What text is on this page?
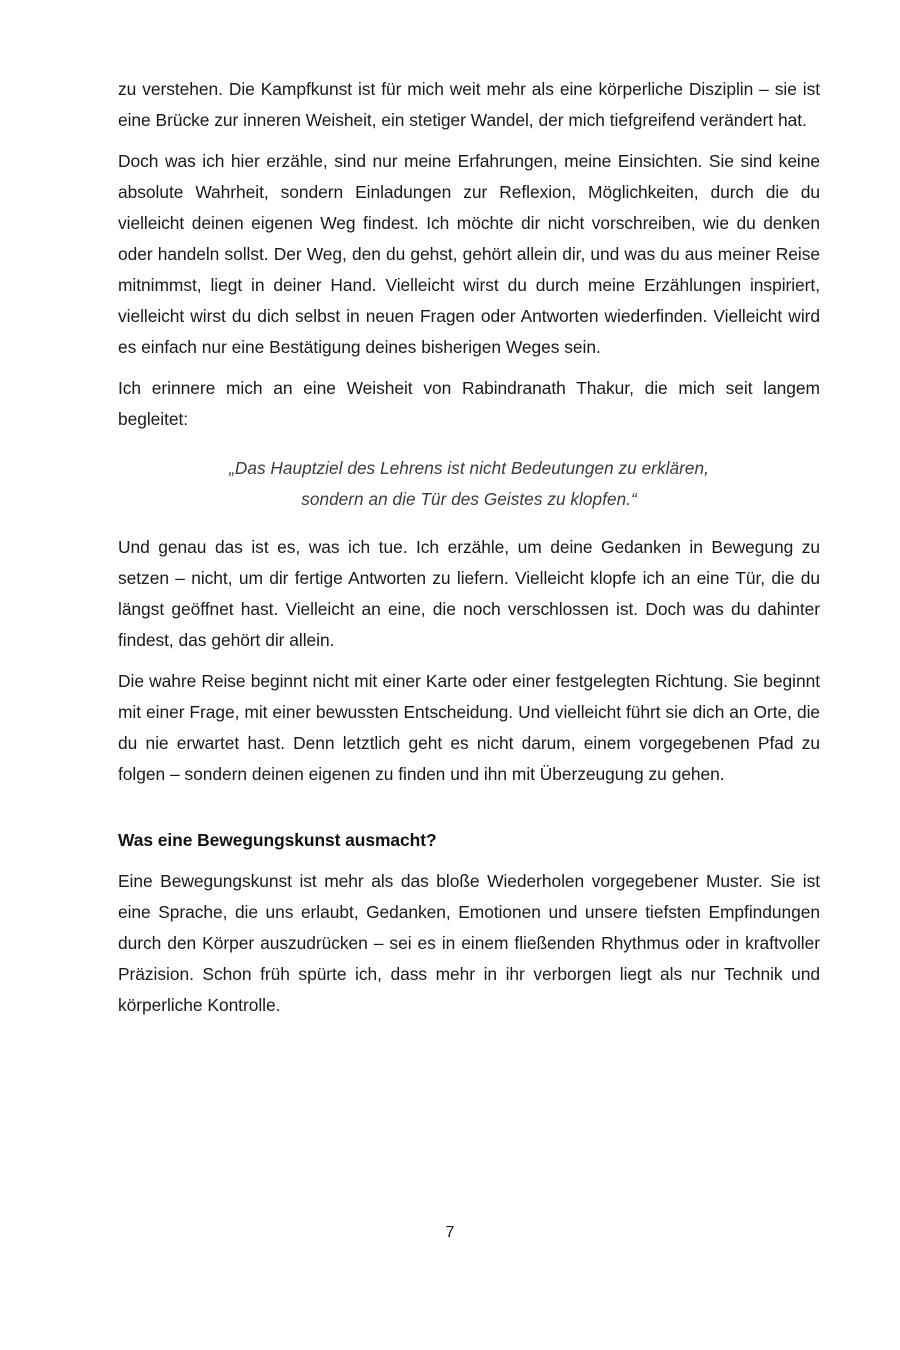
zu verstehen. Die Kampfkunst ist für mich weit mehr als eine körperliche Disziplin – sie ist eine Brücke zur inneren Weisheit, ein stetiger Wandel, der mich tiefgreifend verändert hat.

Doch was ich hier erzähle, sind nur meine Erfahrungen, meine Einsichten. Sie sind keine absolute Wahrheit, sondern Einladungen zur Reflexion, Möglichkeiten, durch die du vielleicht deinen eigenen Weg findest. Ich möchte dir nicht vorschreiben, wie du denken oder handeln sollst. Der Weg, den du gehst, gehört allein dir, und was du aus meiner Reise mitnimmst, liegt in deiner Hand. Vielleicht wirst du durch meine Erzählungen inspiriert, vielleicht wirst du dich selbst in neuen Fragen oder Antworten wiederfinden. Vielleicht wird es einfach nur eine Bestätigung deines bisherigen Weges sein.

Ich erinnere mich an eine Weisheit von Rabindranath Thakur, die mich seit langem begleitet:

„Das Hauptziel des Lehrens ist nicht Bedeutungen zu erklären,
sondern an die Tür des Geistes zu klopfen.“

Und genau das ist es, was ich tue. Ich erzähle, um deine Gedanken in Bewegung zu setzen – nicht, um dir fertige Antworten zu liefern. Vielleicht klopfe ich an eine Tür, die du längst geöffnet hast. Vielleicht an eine, die noch verschlossen ist. Doch was du dahinter findest, das gehört dir allein.

Die wahre Reise beginnt nicht mit einer Karte oder einer festgelegten Richtung. Sie beginnt mit einer Frage, mit einer bewussten Entscheidung. Und vielleicht führt sie dich an Orte, die du nie erwartet hast. Denn letztlich geht es nicht darum, einem vorgegebenen Pfad zu folgen – sondern deinen eigenen zu finden und ihn mit Überzeugung zu gehen.

Was eine Bewegungskunst ausmacht?

Eine Bewegungskunst ist mehr als das bloße Wiederholen vorgegebener Muster. Sie ist eine Sprache, die uns erlaubt, Gedanken, Emotionen und unsere tiefsten Empfindungen durch den Körper auszudrücken – sei es in einem fließenden Rhythmus oder in kraftvoller Präzision. Schon früh spürte ich, dass mehr in ihr verborgen liegt als nur Technik und körperliche Kontrolle.

7
